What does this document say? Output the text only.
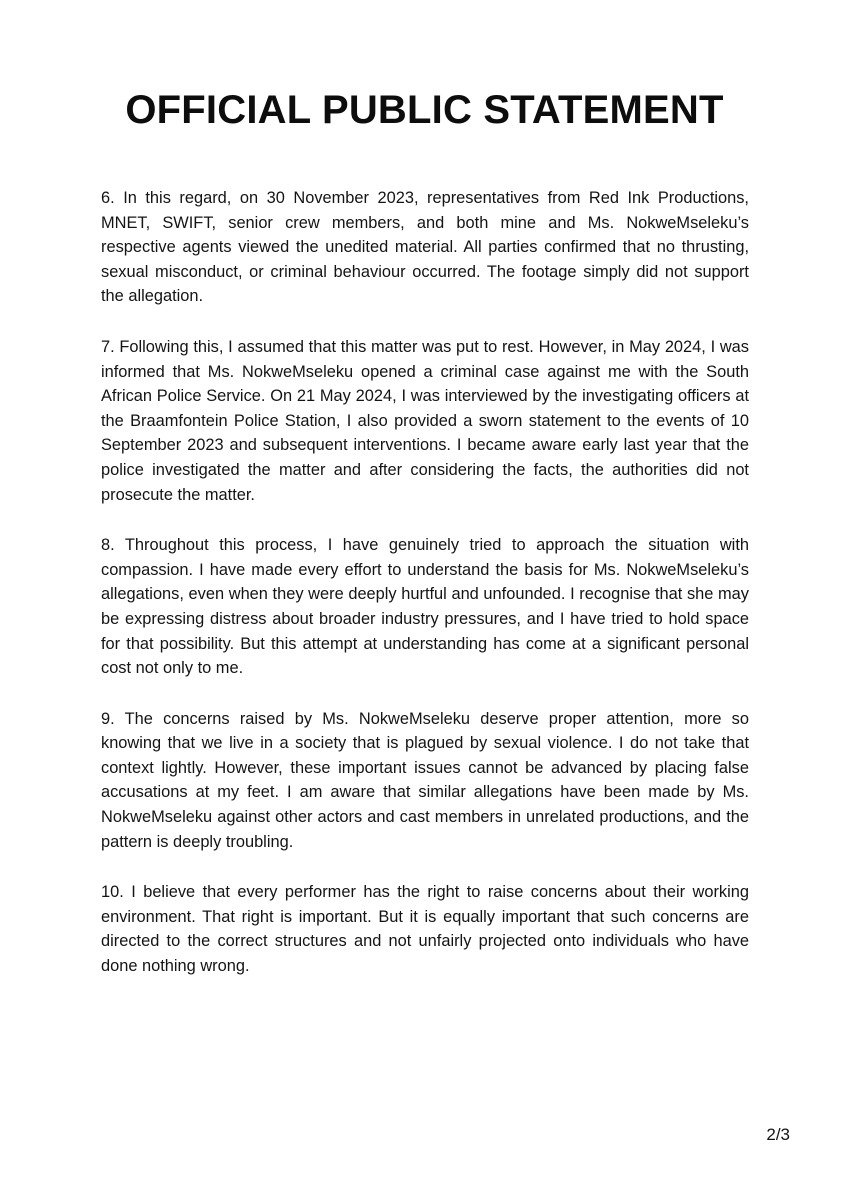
OFFICIAL PUBLIC STATEMENT

6. In this regard, on 30 November 2023, representatives from Red Ink Productions, MNET, SWIFT, senior crew members, and both mine and Ms. NokweMseleku’s respective agents viewed the unedited material. All parties confirmed that no thrusting, sexual misconduct, or criminal behaviour occurred. The footage simply did not support the allegation.

7. Following this, I assumed that this matter was put to rest. However, in May 2024, I was informed that Ms. NokweMseleku opened a criminal case against me with the South African Police Service. On 21 May 2024, I was interviewed by the investigating officers at the Braamfontein Police Station, I also provided a sworn statement to the events of 10 September 2023 and subsequent interventions. I became aware early last year that the police investigated the matter and after considering the facts, the authorities did not prosecute the matter.

8. Throughout this process, I have genuinely tried to approach the situation with compassion. I have made every effort to understand the basis for Ms. NokweMseleku’s allegations, even when they were deeply hurtful and unfounded. I recognise that she may be expressing distress about broader industry pressures, and I have tried to hold space for that possibility. But this attempt at understanding has come at a significant personal cost not only to me.

9. The concerns raised by Ms. NokweMseleku deserve proper attention, more so knowing that we live in a society that is plagued by sexual violence. I do not take that context lightly. However, these important issues cannot be advanced by placing false accusations at my feet. I am aware that similar allegations have been made by Ms. NokweMseleku against other actors and cast members in unrelated productions, and the pattern is deeply troubling.

10. I believe that every performer has the right to raise concerns about their working environment. That right is important. But it is equally important that such concerns are directed to the correct structures and not unfairly projected onto individuals who have done nothing wrong.

2/3
